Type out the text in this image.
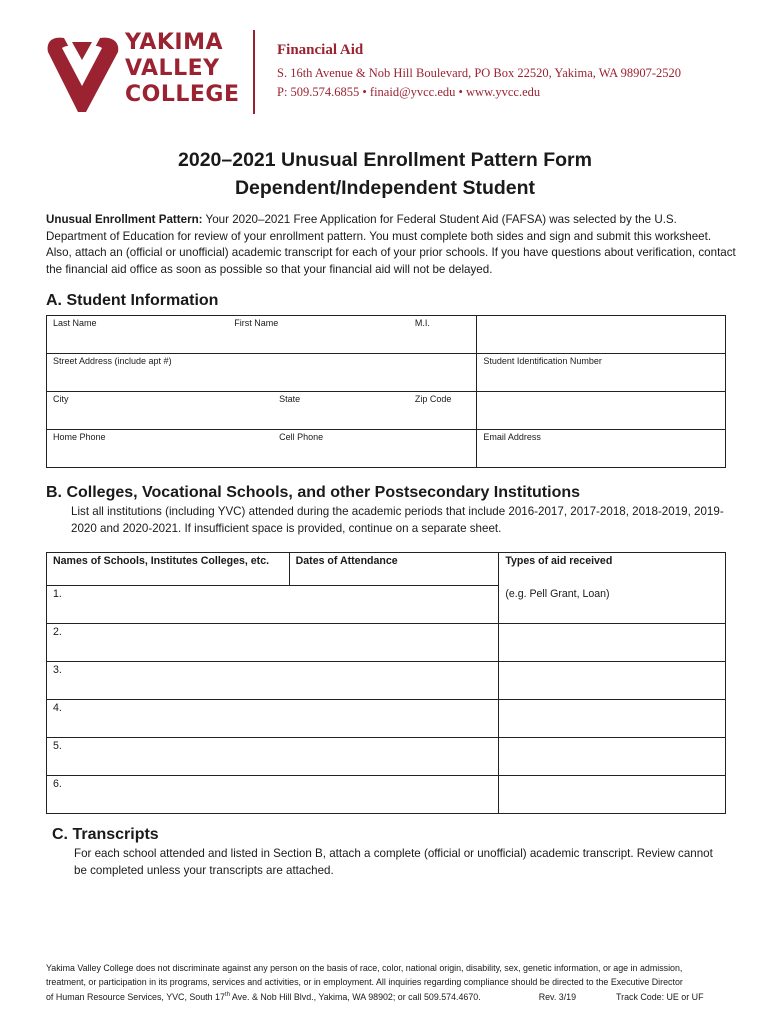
YAKIMA
VALLEY
COLLEGE
Financial Aid
S. 16th Avenue & Nob Hill Boulevard, PO Box 22520, Yakima, WA 98907-2520
P: 509.574.6855 • finaid@yvcc.edu • www.yvcc.edu
2020–2021 Unusual Enrollment Pattern Form
Dependent/Independent Student
Unusual Enrollment Pattern: Your 2020–2021 Free Application for Federal Student Aid (FAFSA) was selected by the U.S. Department of Education for review of your enrollment pattern. You must complete both sides and sign and submit this worksheet. Also, attach an (official or unofficial) academic transcript for each of your prior schools. If you have questions about verification, contact the financial aid office as soon as possible so that your financial aid will not be delayed.
A. Student Information
Last Name	First Name		M.I.	
Street Address (include apt #)				Student Identification Number
City		State	Zip Code	
Home Phone		Cell Phone		Email Address
B. Colleges, Vocational Schools, and other Postsecondary Institutions
List all institutions (including YVC) attended during the academic periods that include 2016-2017, 2017-2018, 2018-2019, 2019-2020 and 2020-2021. If insufficient space is provided, continue on a separate sheet.
Names of Schools, Institutes Colleges, etc.	Dates of Attendance	Types of aid received
1.		(e.g. Pell Grant, Loan)
2.		
3.		
4.		
5.		
6.		
C. Transcripts
For each school attended and listed in Section B, attach a complete (official or unofficial) academic transcript. Review cannot be completed unless your transcripts are attached.
Yakima Valley College does not discriminate against any person on the basis of race, color, national origin, disability, sex, genetic information, or age in admission,
treatment, or participation in its programs, services and activities, or in employment. All inquiries regarding compliance should be directed to the Executive Director
of Human Resource Services, YVC, South 17th Ave. & Nob Hill Blvd., Yakima, WA 98902; or call 509.574.4670.	Rev. 3/19	Track Code: UE or UF
